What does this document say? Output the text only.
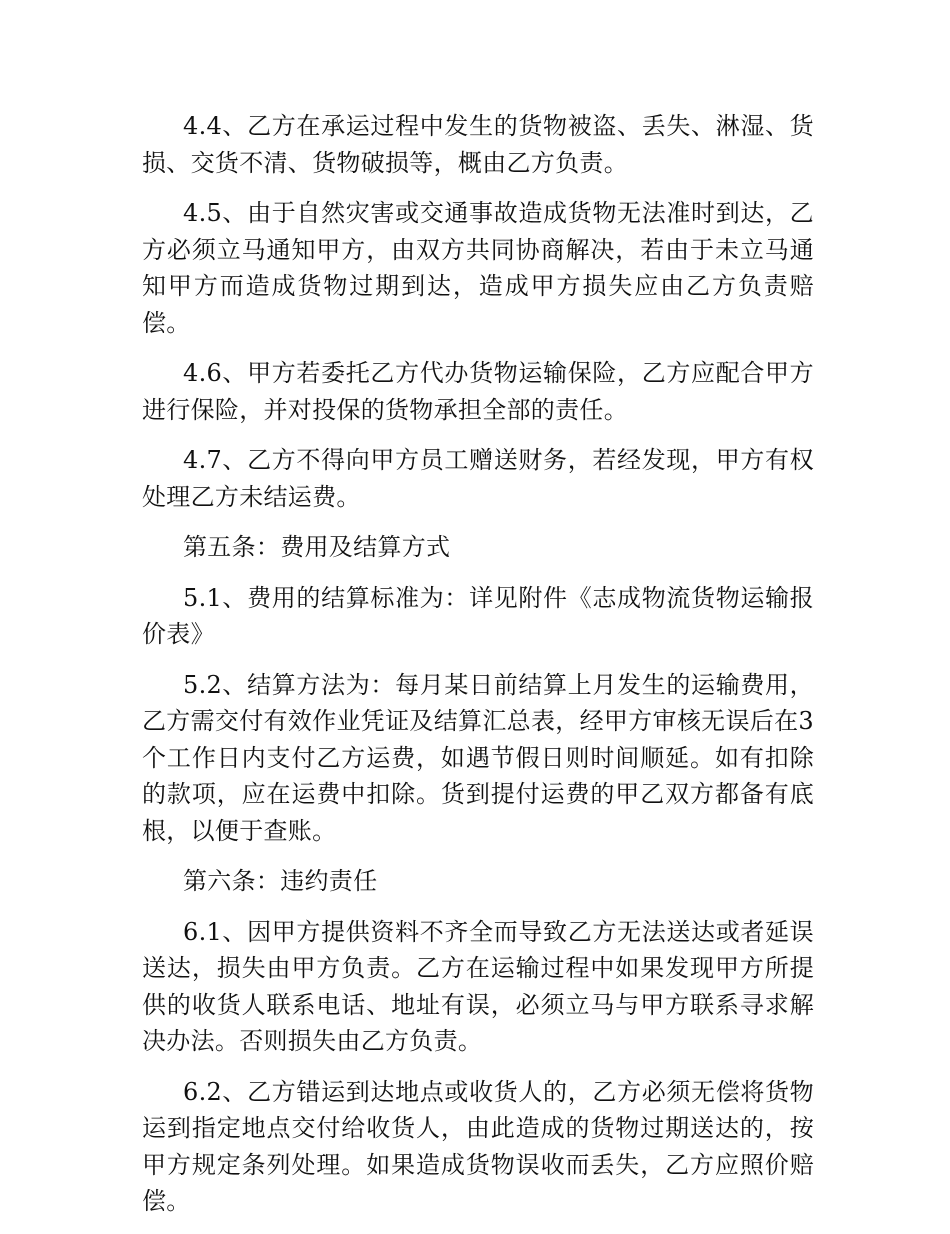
4.4、乙方在承运过程中发生的货物被盗、丢失、淋湿、货损、交货不清、货物破损等，概由乙方负责。

4.5、由于自然灾害或交通事故造成货物无法准时到达，乙方必须立马通知甲方，由双方共同协商解决，若由于未立马通知甲方而造成货物过期到达，造成甲方损失应由乙方负责赔偿。

4.6、甲方若委托乙方代办货物运输保险，乙方应配合甲方进行保险，并对投保的货物承担全部的责任。

4.7、乙方不得向甲方员工赠送财务，若经发现，甲方有权处理乙方未结运费。

第五条：费用及结算方式

5.1、费用的结算标准为：详见附件《志成物流货物运输报价表》

5.2、结算方法为：每月某日前结算上月发生的运输费用，乙方需交付有效作业凭证及结算汇总表，经甲方审核无误后在3个工作日内支付乙方运费，如遇节假日则时间顺延。如有扣除的款项，应在运费中扣除。货到提付运费的甲乙双方都备有底根，以便于查账。

第六条：违约责任

6.1、因甲方提供资料不齐全而导致乙方无法送达或者延误送达，损失由甲方负责。乙方在运输过程中如果发现甲方所提供的收货人联系电话、地址有误，必须立马与甲方联系寻求解决办法。否则损失由乙方负责。

6.2、乙方错运到达地点或收货人的，乙方必须无偿将货物运到指定地点交付给收货人，由此造成的货物过期送达的，按甲方规定条列处理。如果造成货物误收而丢失，乙方应照价赔偿。
